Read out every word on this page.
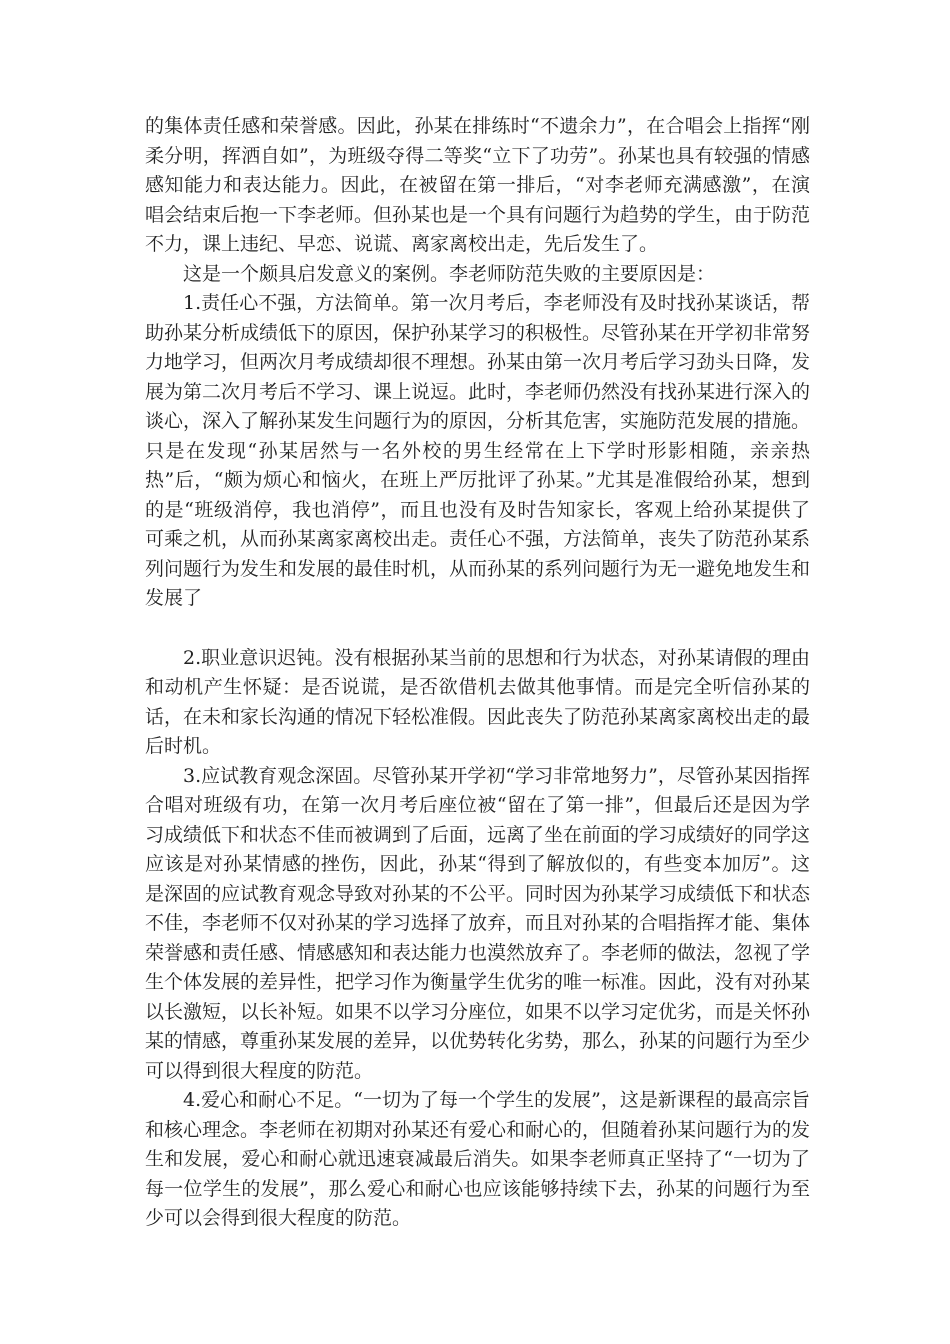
的集体责任感和荣誉感。因此，孙某在排练时“不遗余力”，在合唱会上指挥“刚柔分明，挥洒自如”，为班级夺得二等奖“立下了功劳”。孙某也具有较强的情感感知能力和表达能力。因此，在被留在第一排后，“对李老师充满感激”，在演唱会结束后抱一下李老师。但孙某也是一个具有问题行为趋势的学生，由于防范不力，课上违纪、早恋、说谎、离家离校出走，先后发生了。

这是一个颇具启发意义的案例。李老师防范失败的主要原因是：

1.责任心不强，方法简单。第一次月考后，李老师没有及时找孙某谈话，帮助孙某分析成绩低下的原因，保护孙某学习的积极性。尽管孙某在开学初非常努力地学习，但两次月考成绩却很不理想。孙某由第一次月考后学习劲头日降，发展为第二次月考后不学习、课上说逗。此时，李老师仍然没有找孙某进行深入的谈心，深入了解孙某发生问题行为的原因，分析其危害，实施防范发展的措施。只是在发现“孙某居然与一名外校的男生经常在上下学时形影相随，亲亲热热”后，“颇为烦心和恼火，在班上严厉批评了孙某。”尤其是准假给孙某，想到的是“班级消停，我也消停”，而且也没有及时告知家长，客观上给孙某提供了可乘之机，从而孙某离家离校出走。责任心不强，方法简单，丧失了防范孙某系列问题行为发生和发展的最佳时机，从而孙某的系列问题行为无一避免地发生和发展了

2.职业意识迟钝。没有根据孙某当前的思想和行为状态，对孙某请假的理由和动机产生怀疑：是否说谎，是否欲借机去做其他事情。而是完全听信孙某的话，在未和家长沟通的情况下轻松准假。因此丧失了防范孙某离家离校出走的最后时机。

3.应试教育观念深固。尽管孙某开学初“学习非常地努力”，尽管孙某因指挥合唱对班级有功，在第一次月考后座位被“留在了第一排”，但最后还是因为学习成绩低下和状态不佳而被调到了后面，远离了坐在前面的学习成绩好的同学这应该是对孙某情感的挫伤，因此，孙某“得到了解放似的，有些变本加厉”。这是深固的应试教育观念导致对孙某的不公平。同时因为孙某学习成绩低下和状态不佳，李老师不仅对孙某的学习选择了放弃，而且对孙某的合唱指挥才能、集体荣誉感和责任感、情感感知和表达能力也漠然放弃了。李老师的做法，忽视了学生个体发展的差异性，把学习作为衡量学生优劣的唯一标准。因此，没有对孙某以长激短，以长补短。如果不以学习分座位，如果不以学习定优劣，而是关怀孙某的情感，尊重孙某发展的差异，以优势转化劣势，那么，孙某的问题行为至少可以得到很大程度的防范。

4.爱心和耐心不足。“一切为了每一个学生的发展”，这是新课程的最高宗旨和核心理念。李老师在初期对孙某还有爱心和耐心的，但随着孙某问题行为的发生和发展，爱心和耐心就迅速衰减最后消失。如果李老师真正坚持了“一切为了每一位学生的发展”，那么爱心和耐心也应该能够持续下去，孙某的问题行为至少可以会得到很大程度的防范。
